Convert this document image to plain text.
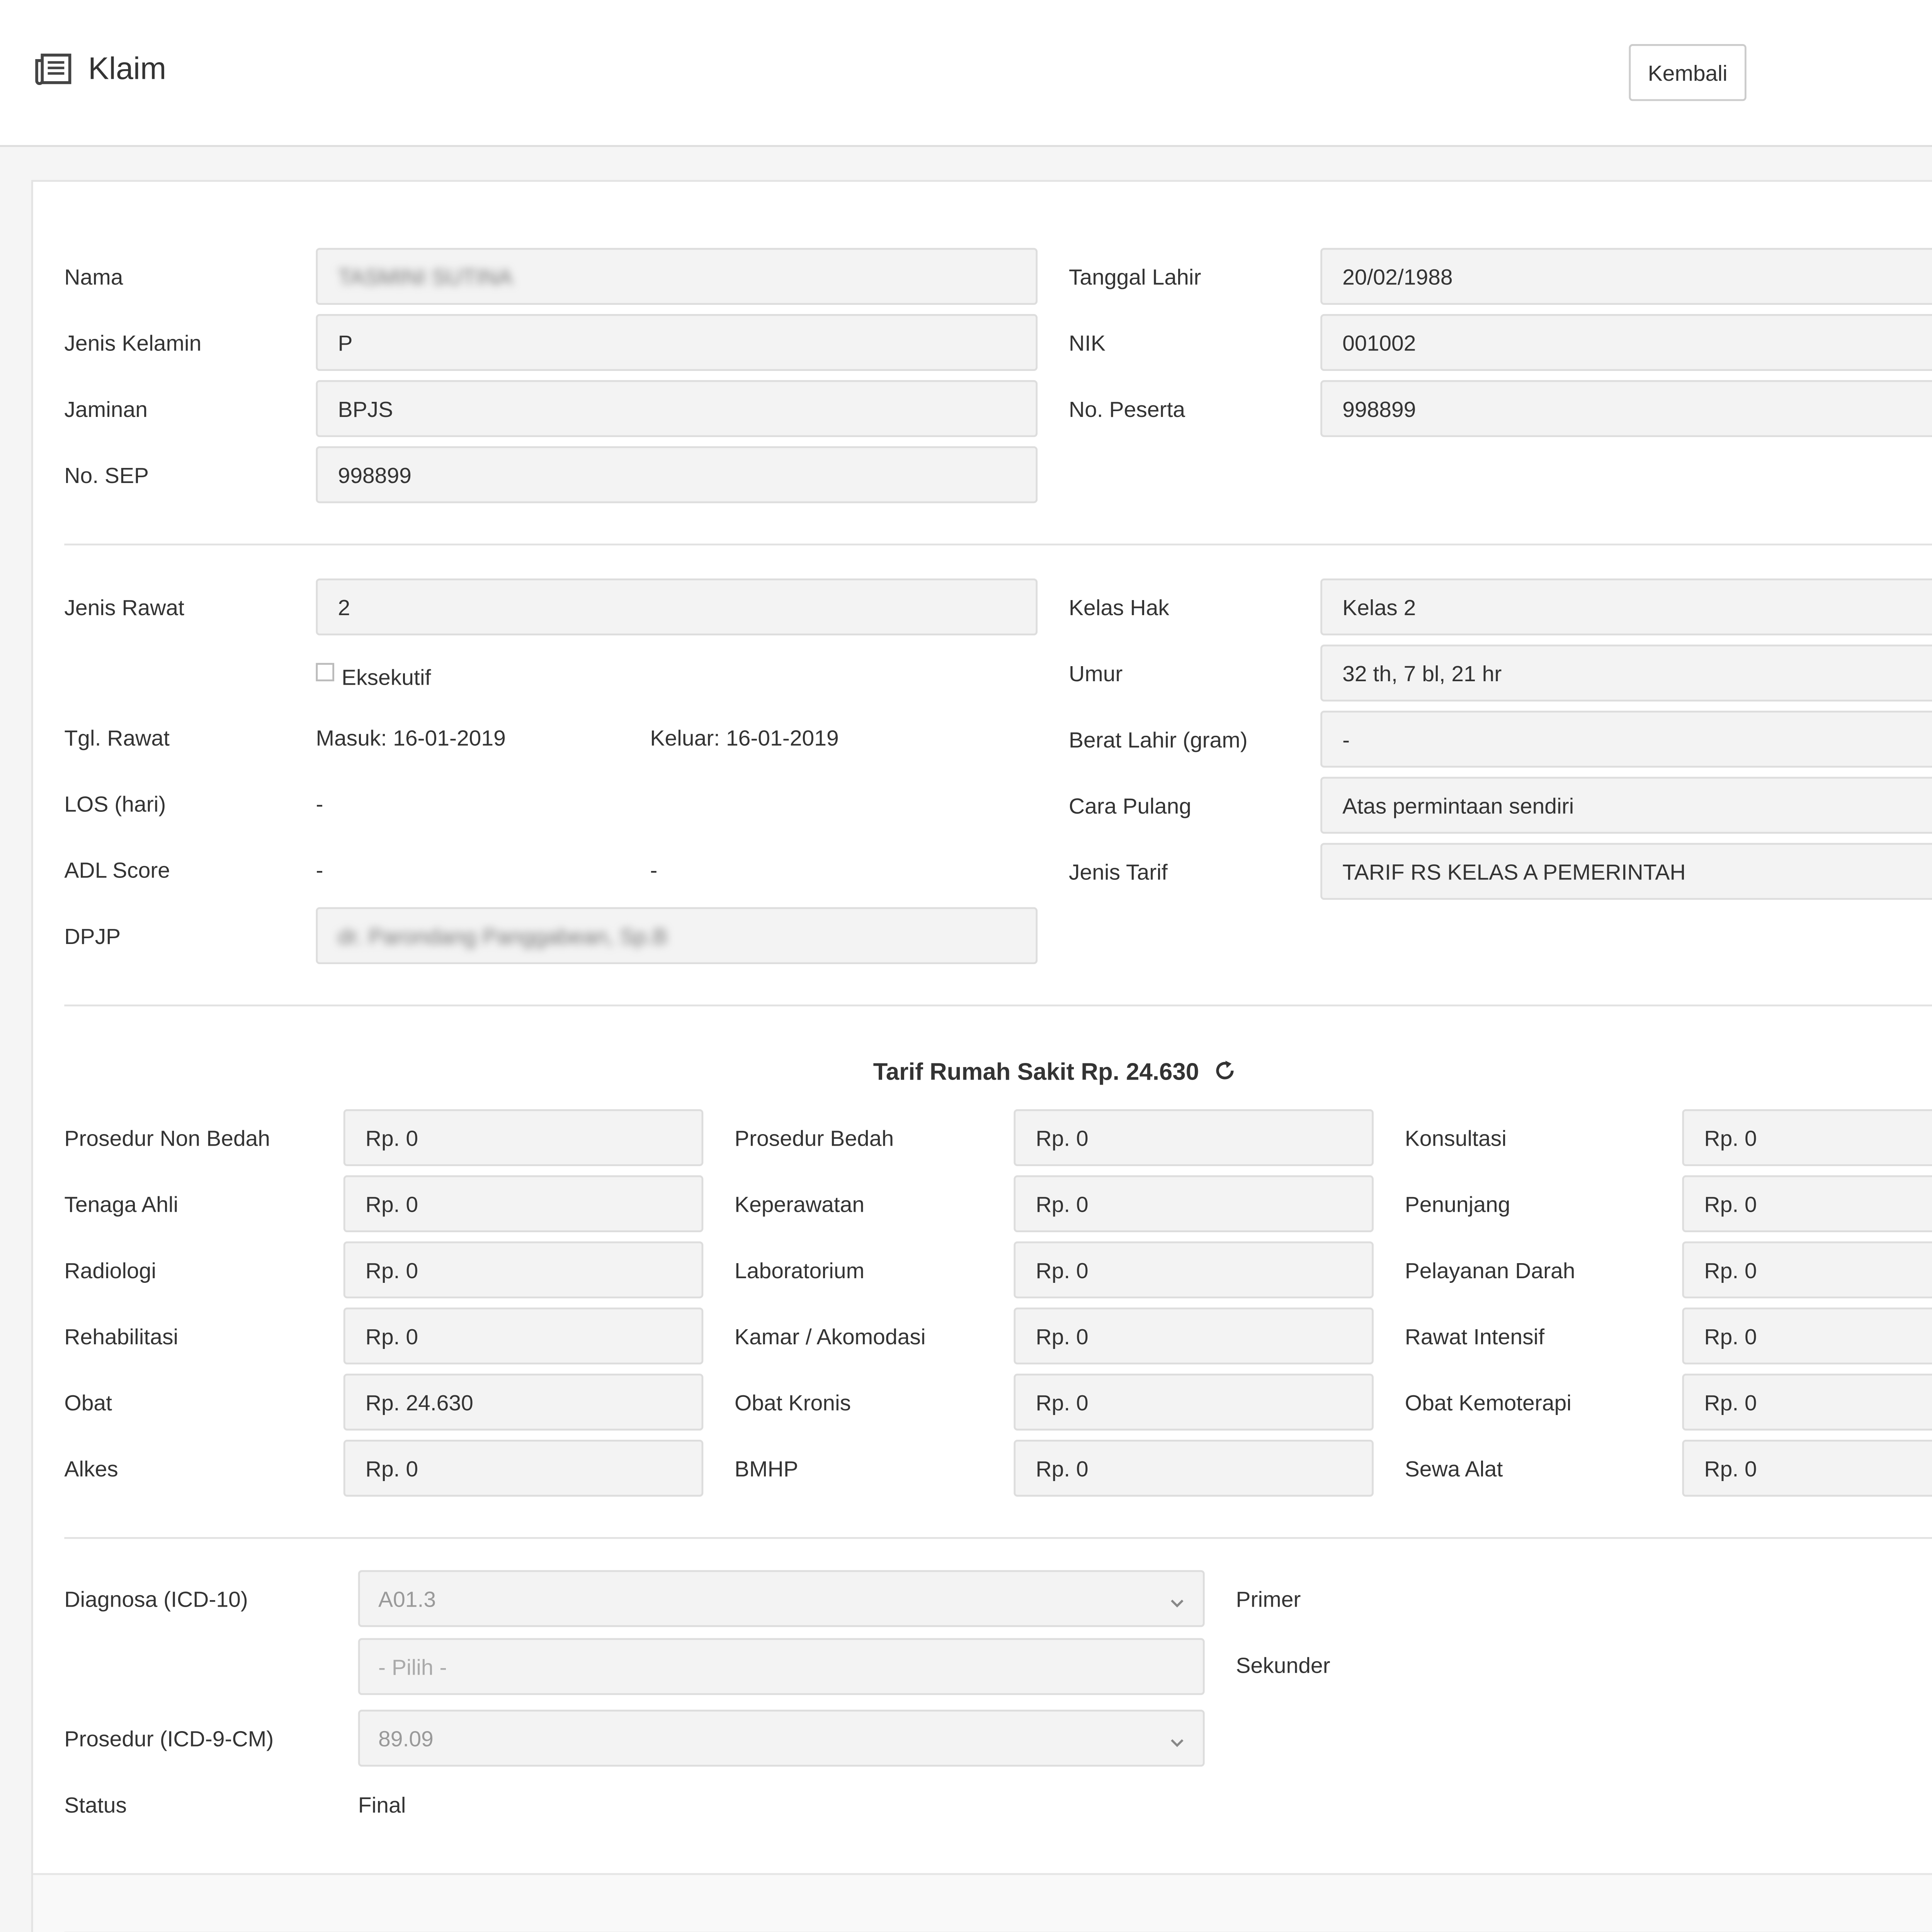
Klaim	Kembali
Nama	TASMINI SUTINA	Tanggal Lahir	20/02/1988
Jenis Kelamin	P	NIK	001002
Jaminan	BPJS	No. Peserta	998899
No. SEP	998899
Jenis Rawat	2	Kelas Hak	Kelas 2
Eksekutif	Umur	32 th, 7 bl, 21 hr
Tgl. Rawat	Masuk: 16-01-2019	Keluar: 16-01-2019	Berat Lahir (gram)	-
LOS (hari)	-	Cara Pulang	Atas permintaan sendiri
ADL Score	-	-	Jenis Tarif	TARIF RS KELAS A PEMERINTAH
DPJP	dr. Parondang Panggabean, Sp.B
Tarif Rumah Sakit Rp. 24.630
Prosedur Non Bedah	Rp. 0	Prosedur Bedah	Rp. 0	Konsultasi	Rp. 0
Tenaga Ahli	Rp. 0	Keperawatan	Rp. 0	Penunjang	Rp. 0
Radiologi	Rp. 0	Laboratorium	Rp. 0	Pelayanan Darah	Rp. 0
Rehabilitasi	Rp. 0	Kamar / Akomodasi	Rp. 0	Rawat Intensif	Rp. 0
Obat	Rp. 24.630	Obat Kronis	Rp. 0	Obat Kemoterapi	Rp. 0
Alkes	Rp. 0	BMHP	Rp. 0	Sewa Alat	Rp. 0
Diagnosa (ICD-10)	A01.3	Primer
- Pilih -	Sekunder
Prosedur (ICD-9-CM)	89.09
Status	Final
